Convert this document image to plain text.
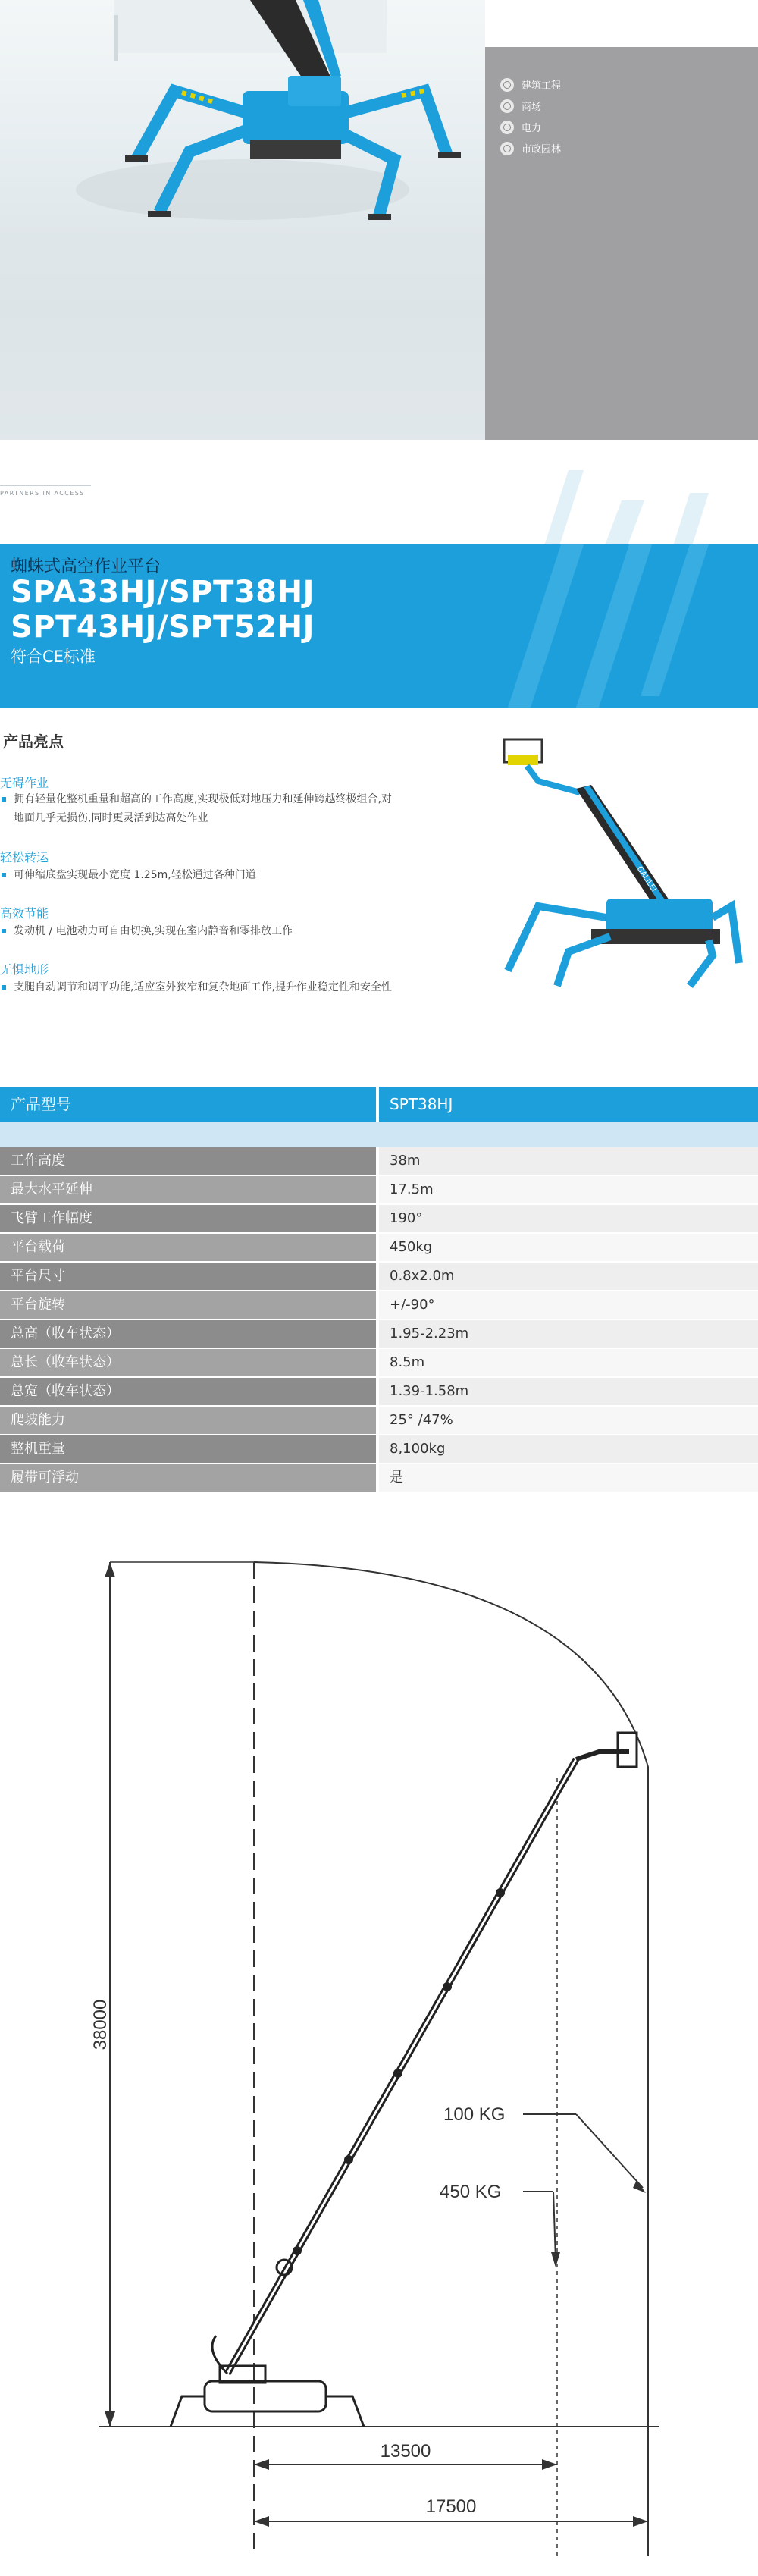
建筑工程
商场
电力
市政园林
PARTNERS IN ACCESS
蜘蛛式高空作业平台
SPA33HJ/SPT38HJ
SPT43HJ/SPT52HJ
符合CE标准
产品亮点
无碍作业
拥有轻量化整机重量和超高的工作高度,实现极低对地压力和延伸跨越终极组合,对地面几乎无损伤,同时更灵活到达高处作业
轻松转运
可伸缩底盘实现最小宽度 1.25m,轻松通过各种门道
高效节能
发动机 / 电池动力可自由切换,实现在室内静音和零排放工作
无惧地形
支腿自动调节和调平功能,适应室外狭窄和复杂地面工作,提升作业稳定性和安全性
GALILEI
产品型号	SPT38HJ
工作高度	38m
最大水平延伸	17.5m
飞臂工作幅度	190°
平台载荷	450kg
平台尺寸	0.8x2.0m
平台旋转	+/-90°
总高（收车状态）	1.95-2.23m
总长（收车状态）	8.5m
总宽（收车状态）	1.39-1.58m
爬坡能力	25° /47%
整机重量	8,100kg
履带可浮动	是
38000
100 KG
450 KG
13500
17500
